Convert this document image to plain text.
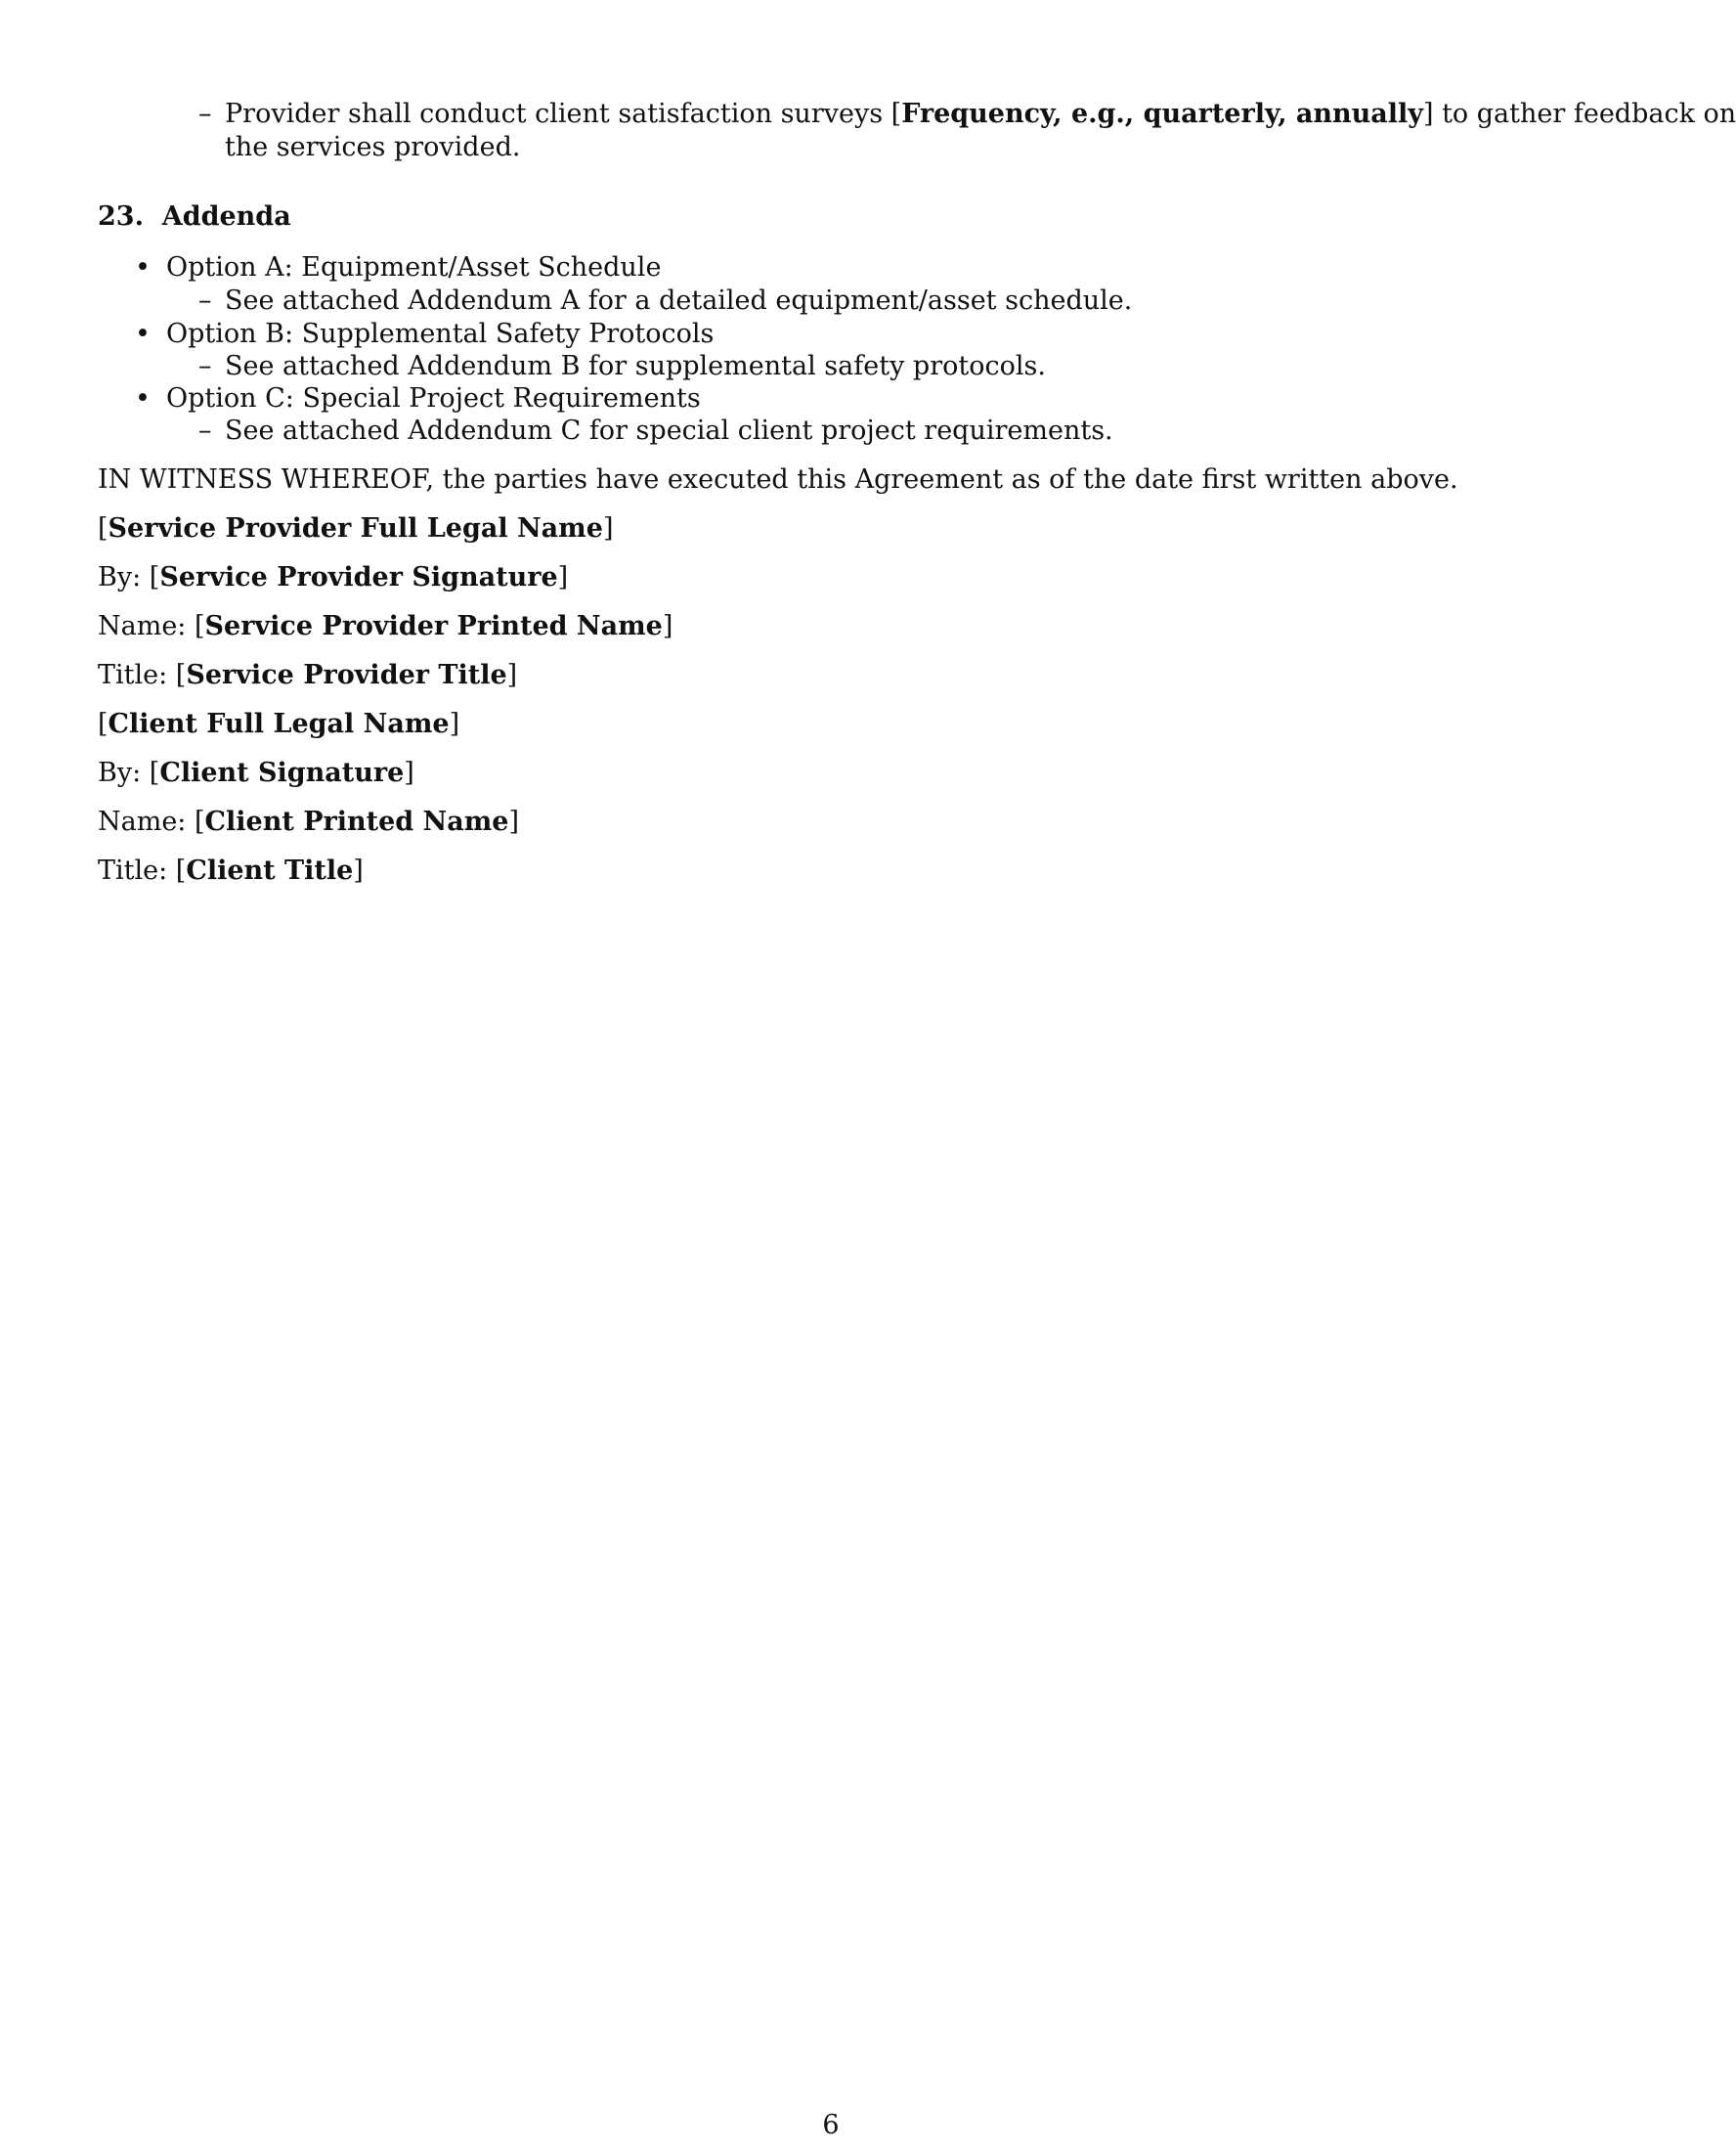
– Provider shall conduct client satisfaction surveys [Frequency, e.g., quarterly, annually] to gather feedback on
the services provided.
23. Addenda
• Option A: Equipment/Asset Schedule
– See attached Addendum A for a detailed equipment/asset schedule.
• Option B: Supplemental Safety Protocols
– See attached Addendum B for supplemental safety protocols.
• Option C: Special Project Requirements
– See attached Addendum C for special client project requirements.
IN WITNESS WHEREOF, the parties have executed this Agreement as of the date first written above.
[Service Provider Full Legal Name]
By: [Service Provider Signature]
Name: [Service Provider Printed Name]
Title: [Service Provider Title]
[Client Full Legal Name]
By: [Client Signature]
Name: [Client Printed Name]
Title: [Client Title]
6
